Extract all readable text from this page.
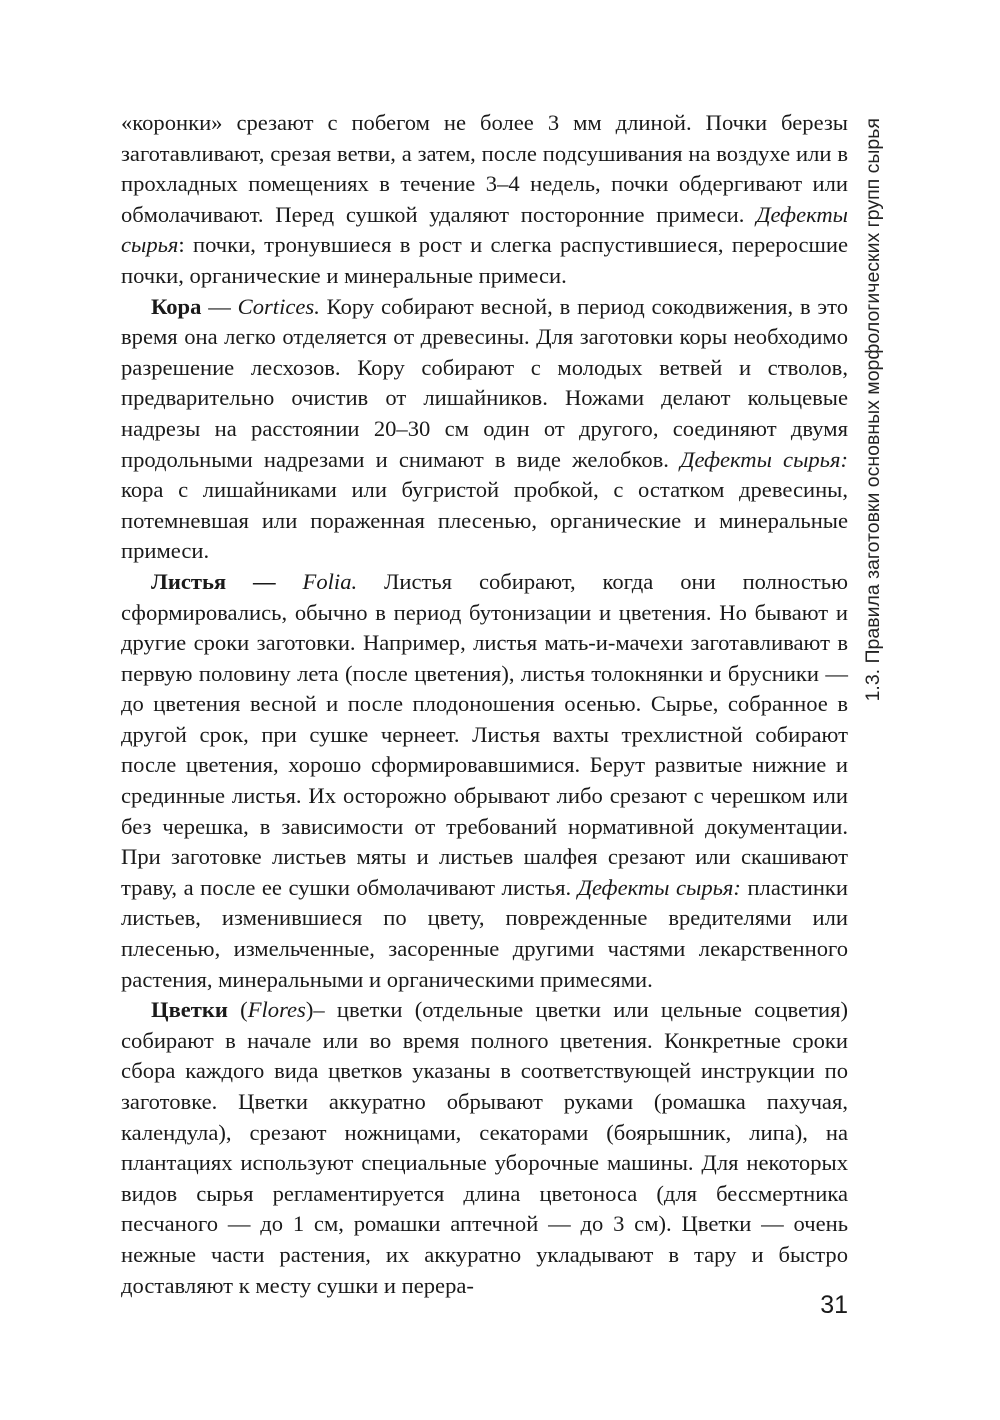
«коронки» срезают с побегом не более 3 мм длиной. Почки березы заготавливают, срезая ветви, а затем, после подсушивания на воздухе или в прохладных помещениях в течение 3–4 недель, почки обдергивают или обмолачивают. Перед сушкой удаляют посторонние примеси. Дефекты сырья: почки, тронувшиеся в рост и слегка распустившиеся, переросшие почки, органические и минеральные примеси.

Кора — Cortices. Кору собирают весной, в период сокодвижения, в это время она легко отделяется от древесины. Для заготовки коры необходимо разрешение лесхозов. Кору собирают с молодых ветвей и стволов, предварительно очистив от лишайников. Ножами делают кольцевые надрезы на расстоянии 20–30 см один от другого, соединяют двумя продольными надрезами и снимают в виде желобков. Дефекты сырья: кора с лишайниками или бугристой пробкой, с остатком древесины, потемневшая или пораженная плесенью, органические и минеральные примеси.

Листья — Folia. Листья собирают, когда они полностью сформировались, обычно в период бутонизации и цветения. Но бывают и другие сроки заготовки. Например, листья мать-и-мачехи заготавливают в первую половину лета (после цветения), листья толокнянки и брусники — до цветения весной и после плодоношения осенью. Сырье, собранное в другой срок, при сушке чернеет. Листья вахты трехлистной собирают после цветения, хорошо сформировавшимися. Берут развитые нижние и срединные листья. Их осторожно обрывают либо срезают с черешком или без черешка, в зависимости от требований нормативной документации. При заготовке листьев мяты и листьев шалфея срезают или скашивают траву, а после ее сушки обмолачивают листья. Дефекты сырья: пластинки листьев, изменившиеся по цвету, поврежденные вредителями или плесенью, измельченные, засоренные другими частями лекарственного растения, минеральными и органическими примесями.

Цветки (Flores)– цветки (отдельные цветки или цельные соцветия) собирают в начале или во время полного цветения. Конкретные сроки сбора каждого вида цветков указаны в соответствующей инструкции по заготовке. Цветки аккуратно обрывают руками (ромашка пахучая, календула), срезают ножницами, секаторами (боярышник, липа), на плантациях используют специальные уборочные машины. Для некоторых видов сырья регламентируется длина цветоноса (для бессмертника песчаного — до 1 см, ромашки аптечной — до 3 см). Цветки — очень нежные части растения, их аккуратно укладывают в тару и быстро доставляют к месту сушки и перера-

1.3. Правила заготовки основных морфологических групп сырья
31
